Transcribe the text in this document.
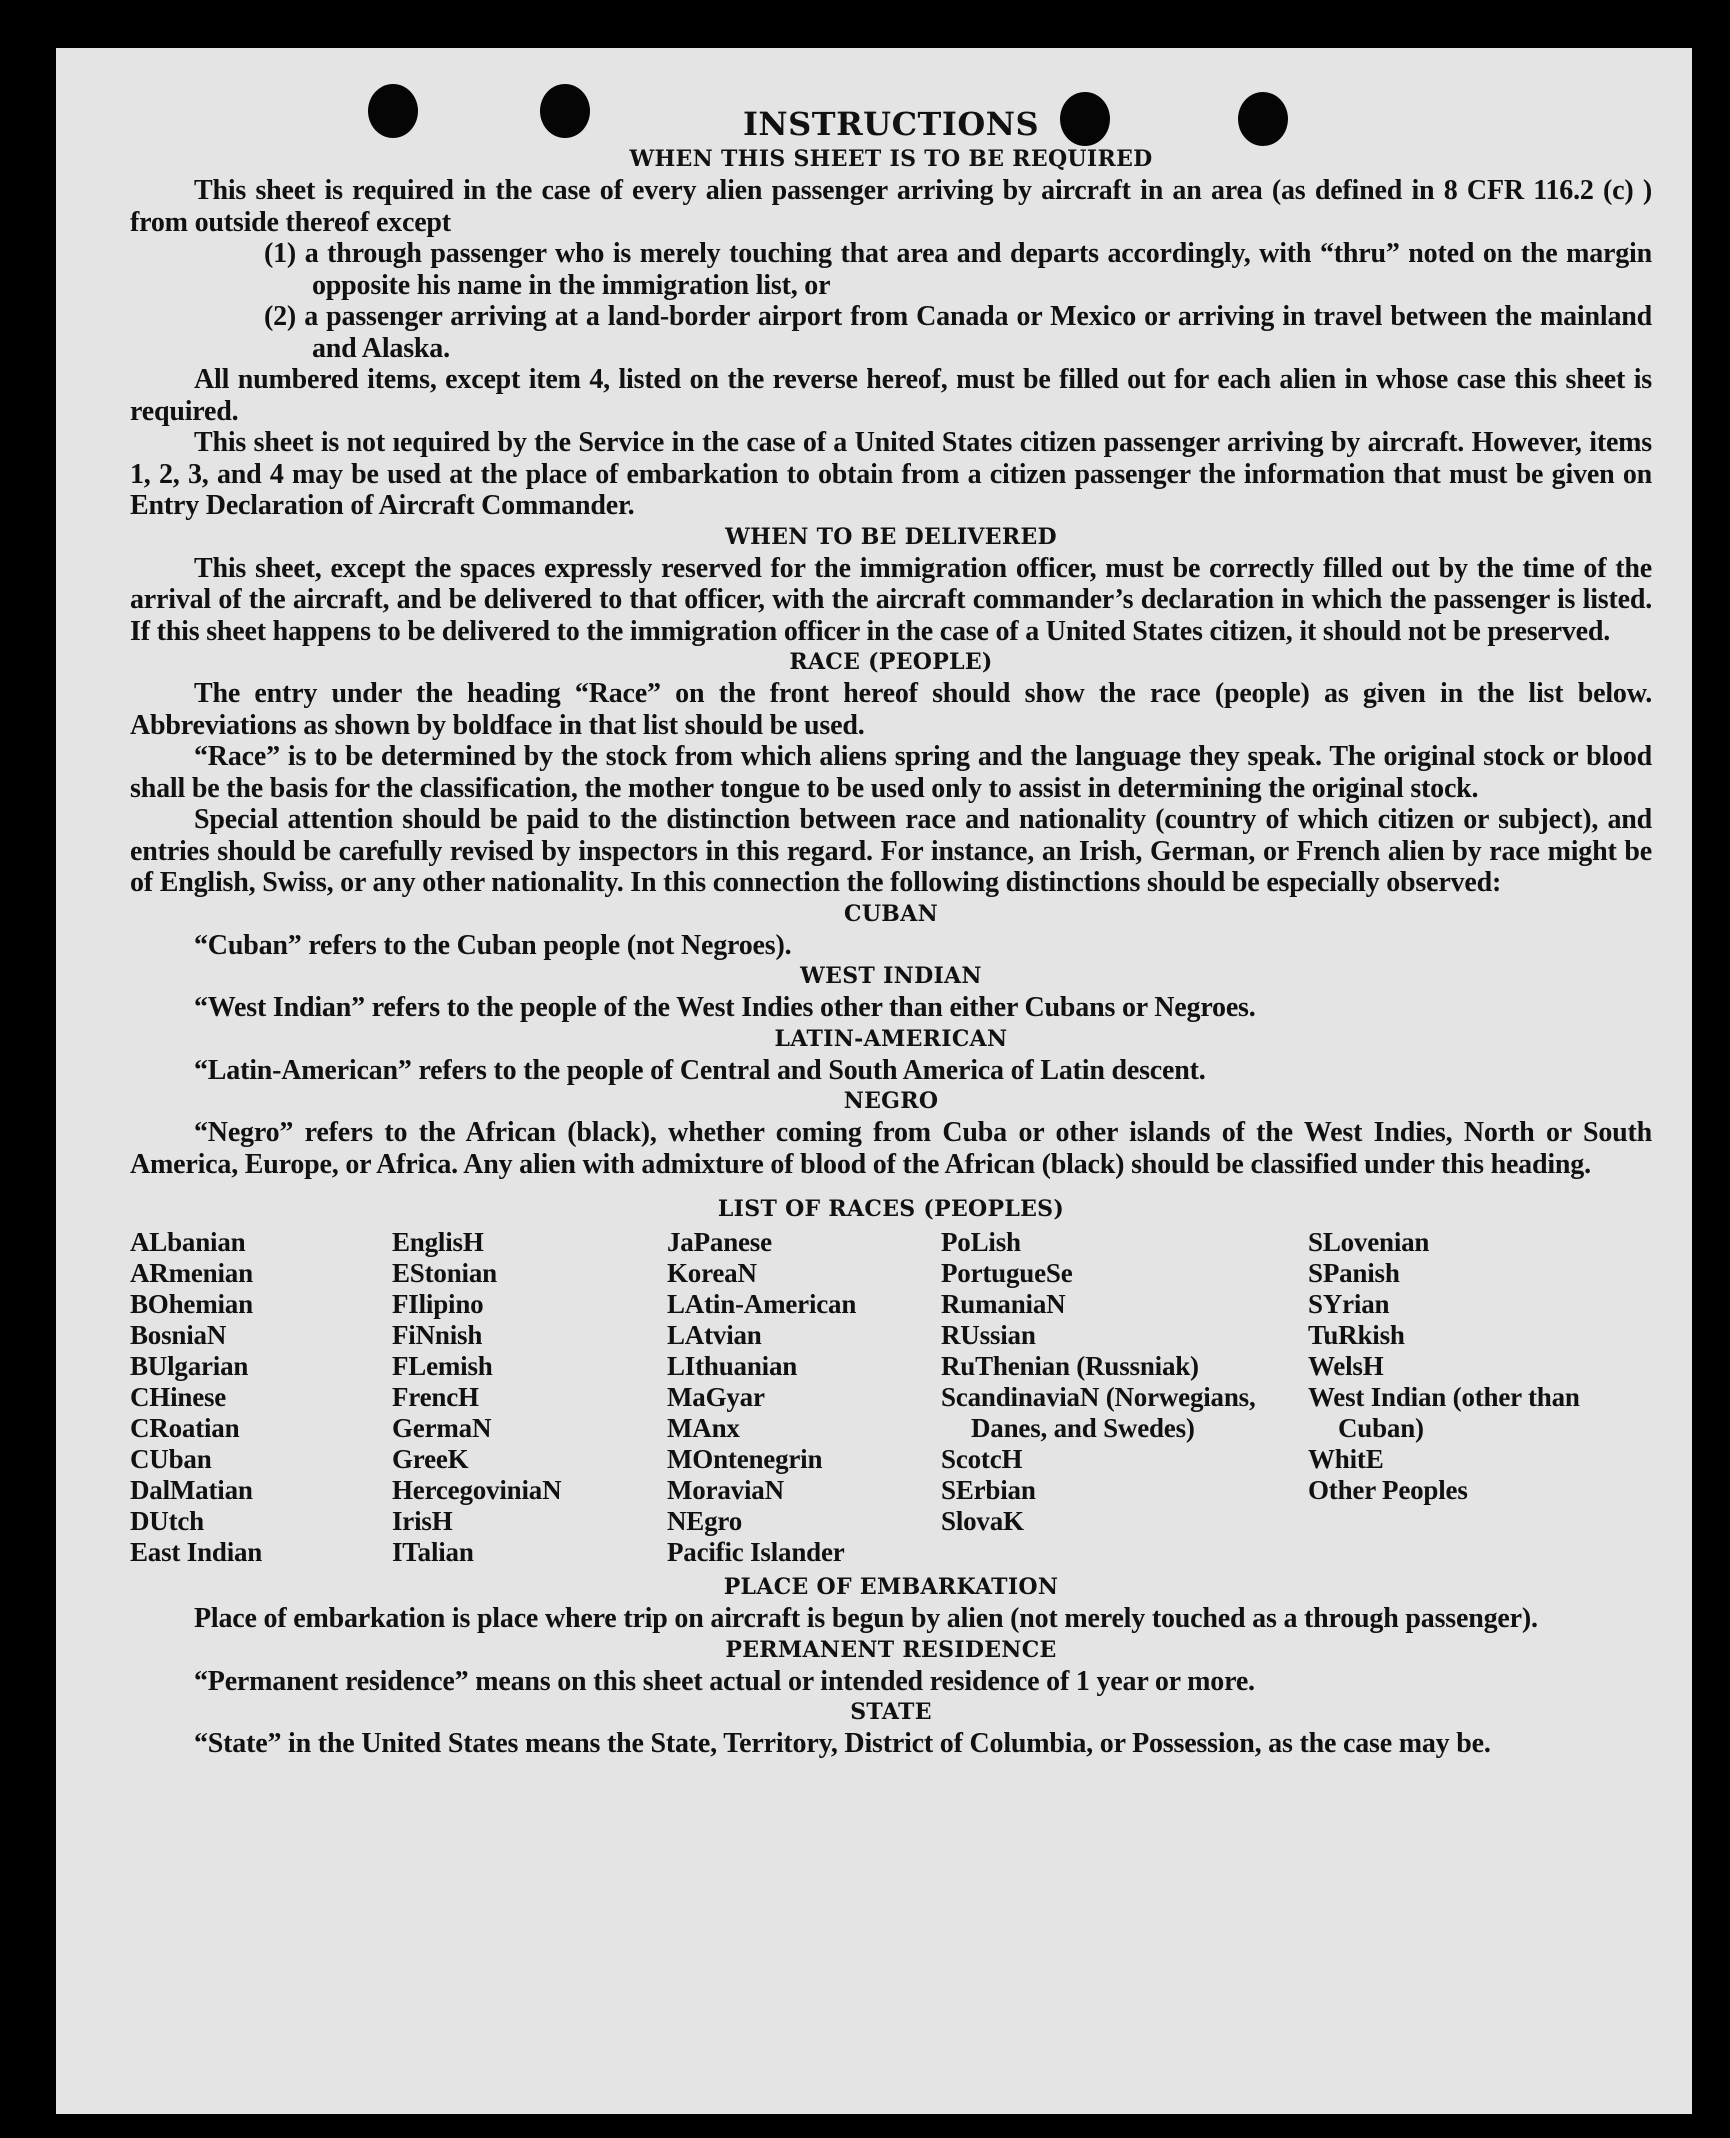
INSTRUCTIONS
WHEN THIS SHEET IS TO BE REQUIRED

This sheet is required in the case of every alien passenger arriving by aircraft in an area (as defined in 8 CFR 116.2 (c) ) from outside thereof except

(1) a through passenger who is merely touching that area and departs accordingly, with “thru” noted on the margin opposite his name in the immigration list, or

(2) a passenger arriving at a land-border airport from Canada or Mexico or arriving in travel between the mainland and Alaska.

All numbered items, except item 4, listed on the reverse hereof, must be filled out for each alien in whose case this sheet is required.

This sheet is not ıequired by the Service in the case of a United States citizen passenger arriving by aircraft. However, items 1, 2, 3, and 4 may be used at the place of embarkation to obtain from a citizen passenger the information that must be given on Entry Declaration of Aircraft Commander.

WHEN TO BE DELIVERED

This sheet, except the spaces expressly reserved for the immigration officer, must be correctly filled out by the time of the arrival of the aircraft, and be delivered to that officer, with the aircraft commander’s declaration in which the passenger is listed. If this sheet happens to be delivered to the immigration officer in the case of a United States citizen, it should not be preserved.

RACE (PEOPLE)

The entry under the heading “Race” on the front hereof should show the race (people) as given in the list below. Abbreviations as shown by boldface in that list should be used.

“Race” is to be determined by the stock from which aliens spring and the language they speak. The original stock or blood shall be the basis for the classification, the mother tongue to be used only to assist in determining the original stock.

Special attention should be paid to the distinction between race and nationality (country of which citizen or subject), and entries should be carefully revised by inspectors in this regard. For instance, an Irish, German, or French alien by race might be of English, Swiss, or any other nationality. In this connection the following distinctions should be especially observed:

CUBAN

“Cuban” refers to the Cuban people (not Negroes).

WEST INDIAN

“West Indian” refers to the people of the West Indies other than either Cubans or Negroes.

LATIN-AMERICAN

“Latin-American” refers to the people of Central and South America of Latin descent.

NEGRO

“Negro” refers to the African (black), whether coming from Cuba or other islands of the West Indies, North or South America, Europe, or Africa. Any alien with admixture of blood of the African (black) should be classified under this heading.

LIST OF RACES (PEOPLES)
ALbanian
ARmenian
BOhemian
BosniaN
BUlgarian
CHinese
CRoatian
CUban
DalMatian
DUtch
East Indian
EnglisH
EStonian
FIlipino
FiNnish
FLemish
FrencH
GermaN
GreeK
HercegoviniaN
IrisH
ITalian
JaPanese
KoreaN
LAtin-American
LAtvian
LIthuanian
MaGyar
MAnx
MOntenegrin
MoraviaN
NEgro
Pacific Islander
PoLish
PortugueSe
RumaniaN
RUssian
RuThenian (Russniak)
ScandinaviaN (Norwegians, Danes, and Swedes)
ScotcH
SErbian
SlovaK
SLovenian
SPanish
SYrian
TuRkish
WelsH
West Indian (other than Cuban)
WhitE
Other Peoples
PLACE OF EMBARKATION

Place of embarkation is place where trip on aircraft is begun by alien (not merely touched as a through passenger).

PERMANENT RESIDENCE

“Permanent residence” means on this sheet actual or intended residence of 1 year or more.

STATE

“State” in the United States means the State, Territory, District of Columbia, or Possession, as the case may be.
